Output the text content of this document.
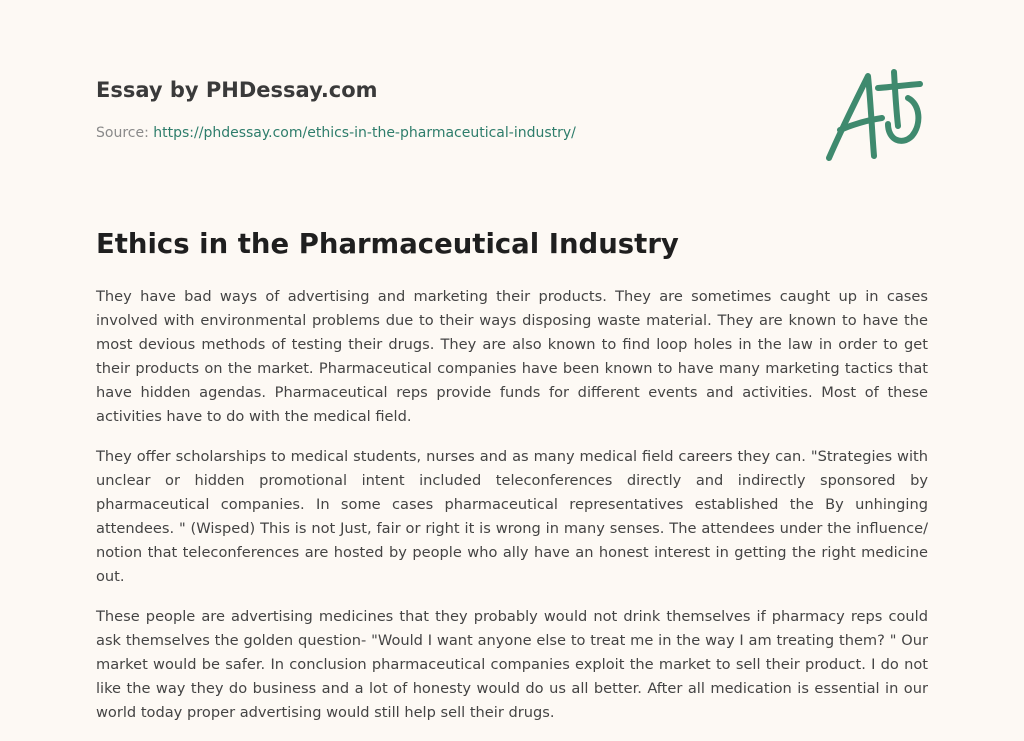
Essay by PHDessay.com
Source: https://phdessay.com/ethics-in-the-pharmaceutical-industry/
Ethics in the Pharmaceutical Industry

They have bad ways of advertising and marketing their products. They are sometimes caught up in cases involved with environmental problems due to their ways disposing waste material. They are known to have the most devious methods of testing their drugs. They are also known to find loop holes in the law in order to get their products on the market. Pharmaceutical companies have been known to have many marketing tactics that have hidden agendas. Pharmaceutical reps provide funds for different events and activities. Most of these activities have to do with the medical field.

They offer scholarships to medical students, nurses and as many medical field careers they can. "Strategies with unclear or hidden promotional intent included teleconferences directly and indirectly sponsored by pharmaceutical companies. In some cases pharmaceutical representatives established the By unhinging attendees. " (Wisped) This is not Just, fair or right it is wrong in many senses. The attendees under the influence/ notion that teleconferences are hosted by people who ally have an honest interest in getting the right medicine out.

These people are advertising medicines that they probably would not drink themselves if pharmacy reps could ask themselves the golden question- "Would I want anyone else to treat me in the way I am treating them? " Our market would be safer. In conclusion pharmaceutical companies exploit the market to sell their product. I do not like the way they do business and a lot of honesty would do us all better. After all medication is essential in our world today proper advertising would still help sell their drugs.
